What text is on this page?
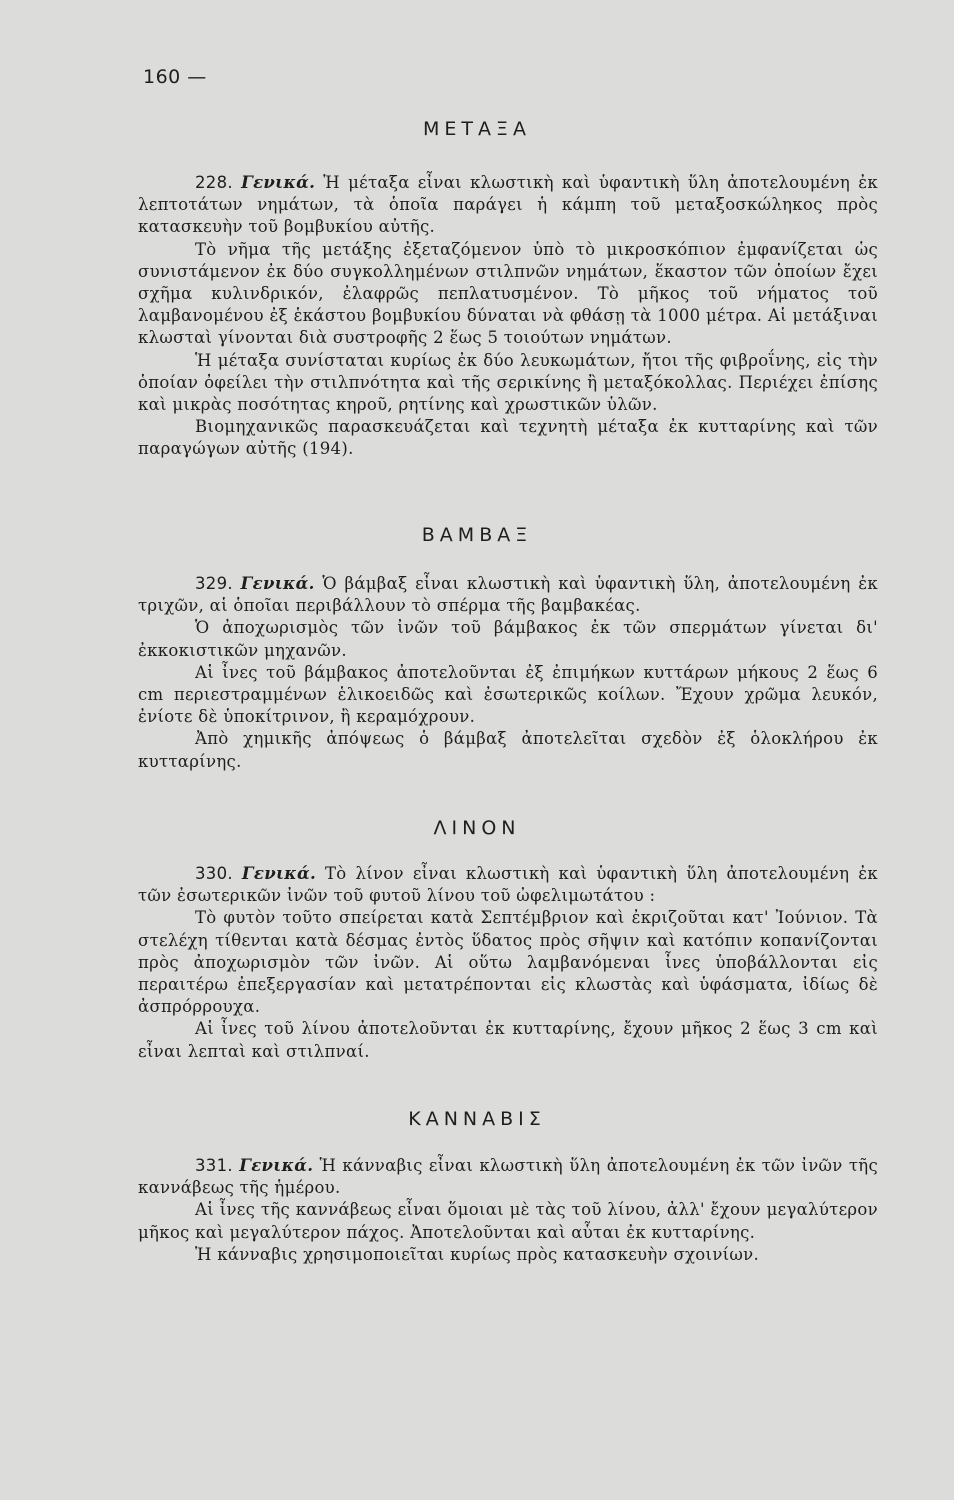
160 —
ΜΕΤΑΞΑ

228. Γενικά. Ἡ μέταξα εἶναι κλωστικὴ καὶ ὑφαντικὴ ὕλη ἀποτελουμένη ἐκ λεπτοτάτων νημάτων, τὰ ὁποῖα παράγει ἡ κάμπη τοῦ μεταξοσκώληκος πρὸς κατασκευὴν τοῦ βομβυκίου αὐτῆς.

Τὸ νῆμα τῆς μετάξης ἐξεταζόμενον ὑπὸ τὸ μικροσκόπιον ἐμφανίζεται ὡς συνιστάμενον ἐκ δύο συγκολλημένων στιλπνῶν νημάτων, ἕκαστον τῶν ὁποίων ἔχει σχῆμα κυλινδρικόν, ἐλαφρῶς πεπλατυσμένον. Τὸ μῆκος τοῦ νήματος τοῦ λαμβανομένου ἐξ ἑκάστου βομβυκίου δύναται νὰ φθάσῃ τὰ 1000 μέτρα. Αἱ μετάξιναι κλωσταὶ γίνονται διὰ συστροφῆς 2 ἕως 5 τοιούτων νημάτων.

Ἡ μέταξα συνίσταται κυρίως ἐκ δύο λευκωμάτων, ἤτοι τῆς φιβροΐνης, εἰς τὴν ὁποίαν ὀφείλει τὴν στιλπνότητα καὶ τῆς σερικίνης ἢ μεταξόκολλας. Περιέχει ἐπίσης καὶ μικρὰς ποσότητας κηροῦ, ρητίνης καὶ χρωστικῶν ὑλῶν.

Βιομηχανικῶς παρασκευάζεται καὶ τεχνητὴ μέταξα ἐκ κυτταρίνης καὶ τῶν παραγώγων αὐτῆς (194).

ΒΑΜΒΑΞ

329. Γενικά. Ὁ βάμβαξ εἶναι κλωστικὴ καὶ ὑφαντικὴ ὕλη, ἀποτελουμένη ἐκ τριχῶν, αἱ ὁποῖαι περιβάλλουν τὸ σπέρμα τῆς βαμβακέας.

Ὁ ἀποχωρισμὸς τῶν ἰνῶν τοῦ βάμβακος ἐκ τῶν σπερμάτων γίνεται δι' ἐκκοκιστικῶν μηχανῶν.

Αἱ ἶνες τοῦ βάμβακος ἀποτελοῦνται ἐξ ἐπιμήκων κυττάρων μήκους 2 ἕως 6 cm περιεστραμμένων ἑλικοειδῶς καὶ ἐσωτερικῶς κοίλων. Ἔχουν χρῶμα λευκόν, ἐνίοτε δὲ ὑποκίτρινον, ἢ κεραμόχρουν.

Ἀπὸ χημικῆς ἀπόψεως ὁ βάμβαξ ἀποτελεῖται σχεδὸν ἐξ ὁλοκλήρου ἐκ κυτταρίνης.

ΛΙΝΟΝ

330. Γενικά. Τὸ λίνον εἶναι κλωστικὴ καὶ ὑφαντικὴ ὕλη ἀποτελουμένη ἐκ τῶν ἐσωτερικῶν ἰνῶν τοῦ φυτοῦ λίνου τοῦ ὠφελιμωτάτου :

Τὸ φυτὸν τοῦτο σπείρεται κατὰ Σεπτέμβριον καὶ ἐκριζοῦται κατ' Ἰούνιον. Τὰ στελέχη τίθενται κατὰ δέσμας ἐντὸς ὕδατος πρὸς σῆψιν καὶ κατόπιν κοπανίζονται πρὸς ἀποχωρισμὸν τῶν ἰνῶν. Αἱ οὕτω λαμβανόμεναι ἶνες ὑποβάλλονται εἰς περαιτέρω ἐπεξεργασίαν καὶ μετατρέπονται εἰς κλωστὰς καὶ ὑφάσματα, ἰδίως δὲ ἀσπρόρρουχα.

Αἱ ἶνες τοῦ λίνου ἀποτελοῦνται ἐκ κυτταρίνης, ἔχουν μῆκος 2 ἕως 3 cm καὶ εἶναι λεπταὶ καὶ στιλπναί.

ΚΑΝΝΑΒΙΣ

331. Γενικά. Ἡ κάνναβις εἶναι κλωστικὴ ὕλη ἀποτελουμένη ἐκ τῶν ἰνῶν τῆς καννάβεως τῆς ἡμέρου.

Αἱ ἶνες τῆς καννάβεως εἶναι ὅμοιαι μὲ τὰς τοῦ λίνου, ἀλλ' ἔχουν μεγαλύτερον μῆκος καὶ μεγαλύτερον πάχος. Ἀποτελοῦνται καὶ αὗται ἐκ κυτταρίνης.

Ἡ κάνναβις χρησιμοποιεῖται κυρίως πρὸς κατασκευὴν σχοινίων.
